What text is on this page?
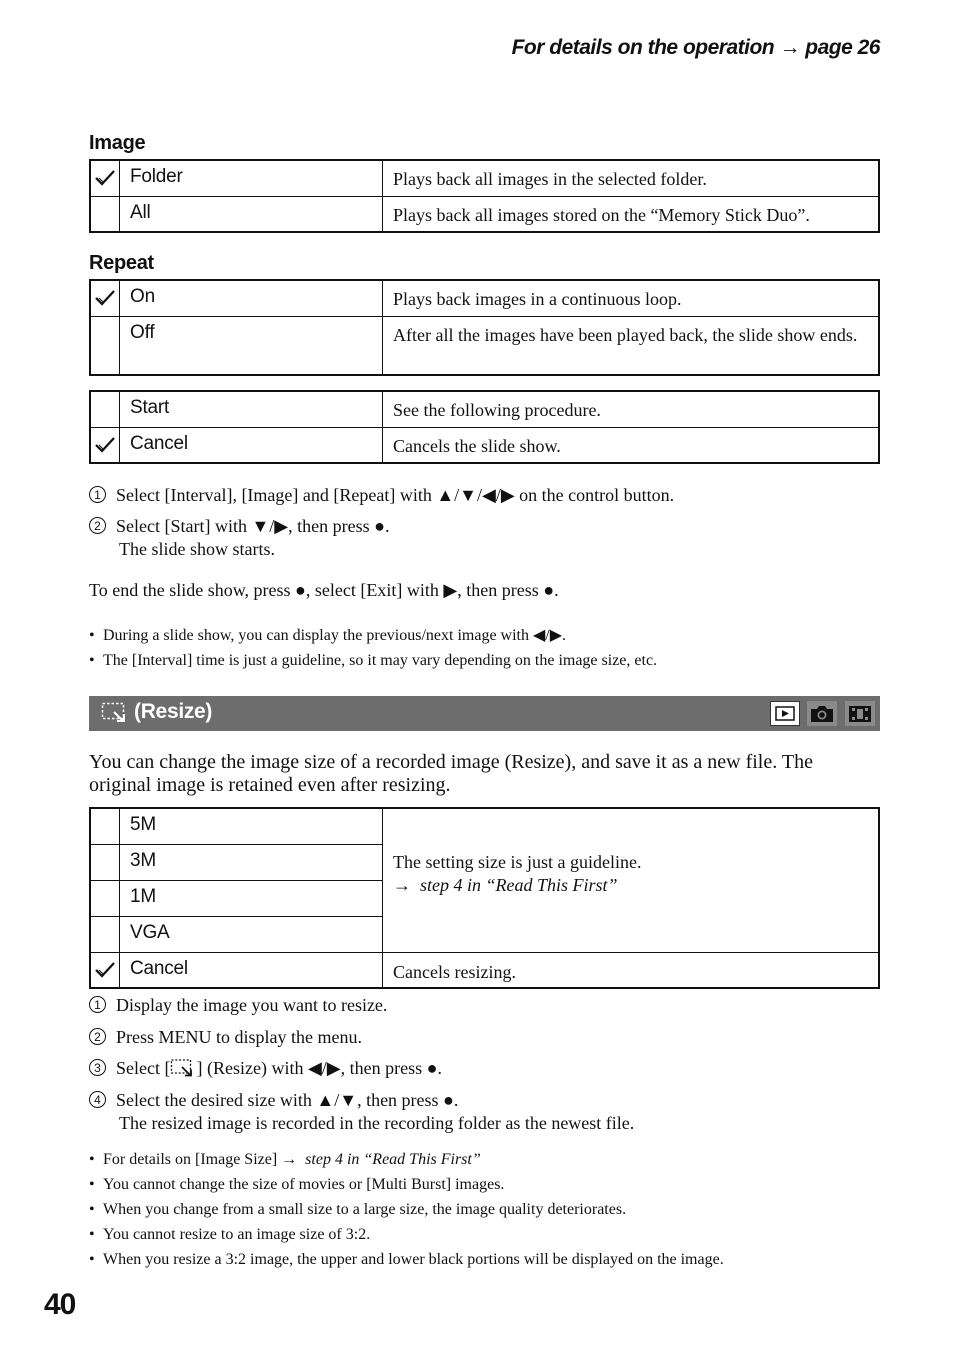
For details on the operation → page 26
Image
	Folder	Plays back all images in the selected folder.
	All	Plays back all images stored on the “Memory Stick Duo”.
Repeat
	On	Plays back images in a continuous loop.
	Off	After all the images have been played back, the slide show ends.
	Start	See the following procedure.

	Cancel	Cancels the slide show.
1 Select [Interval], [Image] and [Repeat] with ▲/▼/◀/▶ on the control button.
2 Select [Start] with ▼/▶, then press ●.
The slide show starts.
To end the slide show, press ●, select [Exit] with ▶, then press ●.
• During a slide show, you can display the previous/next image with ◀/▶.
• The [Interval] time is just a guideline, so it may vary depending on the image size, etc.
(Resize)
You can change the image size of a recorded image (Resize), and save it as a new file. The original image is retained even after resizing.
	5M	The setting size is just a guideline.
→ step 4 in “Read This First”

	3M	
	1M	
	VGA	

	Cancel	Cancels resizing.
1 Display the image you want to resize.
2 Press MENU to display the menu.
3 Select [ ] (Resize) with ◀/▶, then press ●.
4 Select the desired size with ▲/▼, then press ●.
The resized image is recorded in the recording folder as the newest file.
• For details on [Image Size] → step 4 in “Read This First”
• You cannot change the size of movies or [Multi Burst] images.
• When you change from a small size to a large size, the image quality deteriorates.
• You cannot resize to an image size of 3:2.
• When you resize a 3:2 image, the upper and lower black portions will be displayed on the image.
40
